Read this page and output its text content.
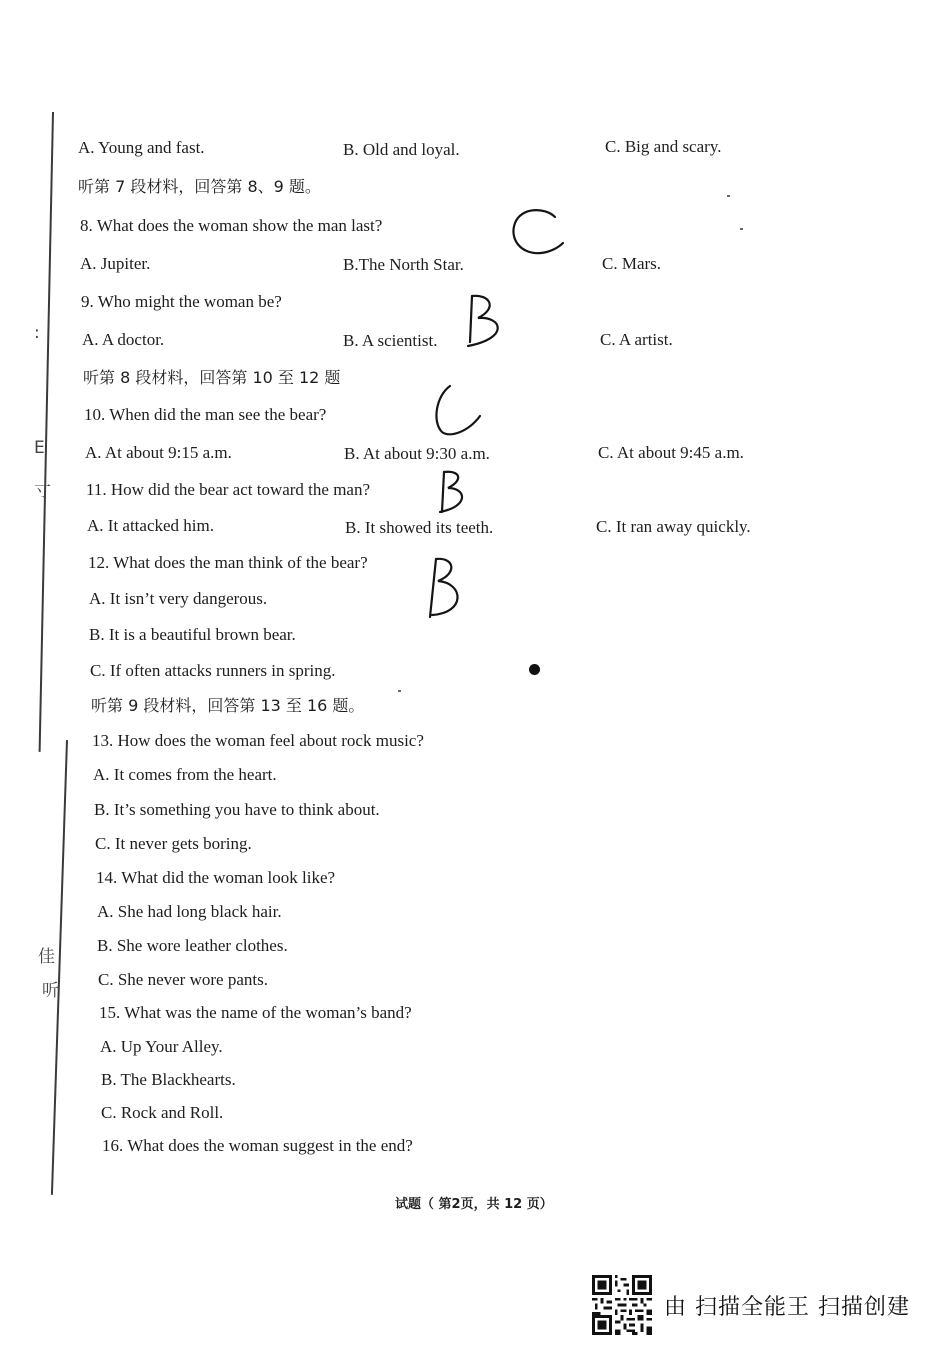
:
E
寸
佳
听
A. Young and fast.	B. Old and loyal.	C. Big and scary.
听第 7 段材料，回答第 8、9 题。
8. What does the woman show the man last?
A. Jupiter.	B.The North Star.	C. Mars.
9. Who might the woman be?
A. A doctor.	B. A scientist.	C. A artist.
听第 8 段材料，回答第 10 至 12 题
10. When did the man see the bear?
A. At about 9:15 a.m.	B. At about 9:30 a.m.	C. At about 9:45 a.m.
11. How did the bear act toward the man?
A. It attacked him.	B. It showed its teeth.	C. It ran away quickly.
12. What does the man think of the bear?
A. It isn’t very dangerous.
B. It is a beautiful brown bear.
C. If often attacks runners in spring.
听第 9 段材料，回答第 13 至 16 题。
13. How does the woman feel about rock music?
A. It comes from the heart.
B. It’s something you have to think about.
C. It never gets boring.
14. What did the woman look like?
A. She had long black hair.
B. She wore leather clothes.
C. She never wore pants.
15. What was the name of the woman’s band?
A. Up Your Alley.
B. The Blackhearts.
C. Rock and Roll.
16. What does the woman suggest in the end?
C
B
C
B
B
试题（ 第2页，共 12 页）
由 扫描全能王 扫描创建
